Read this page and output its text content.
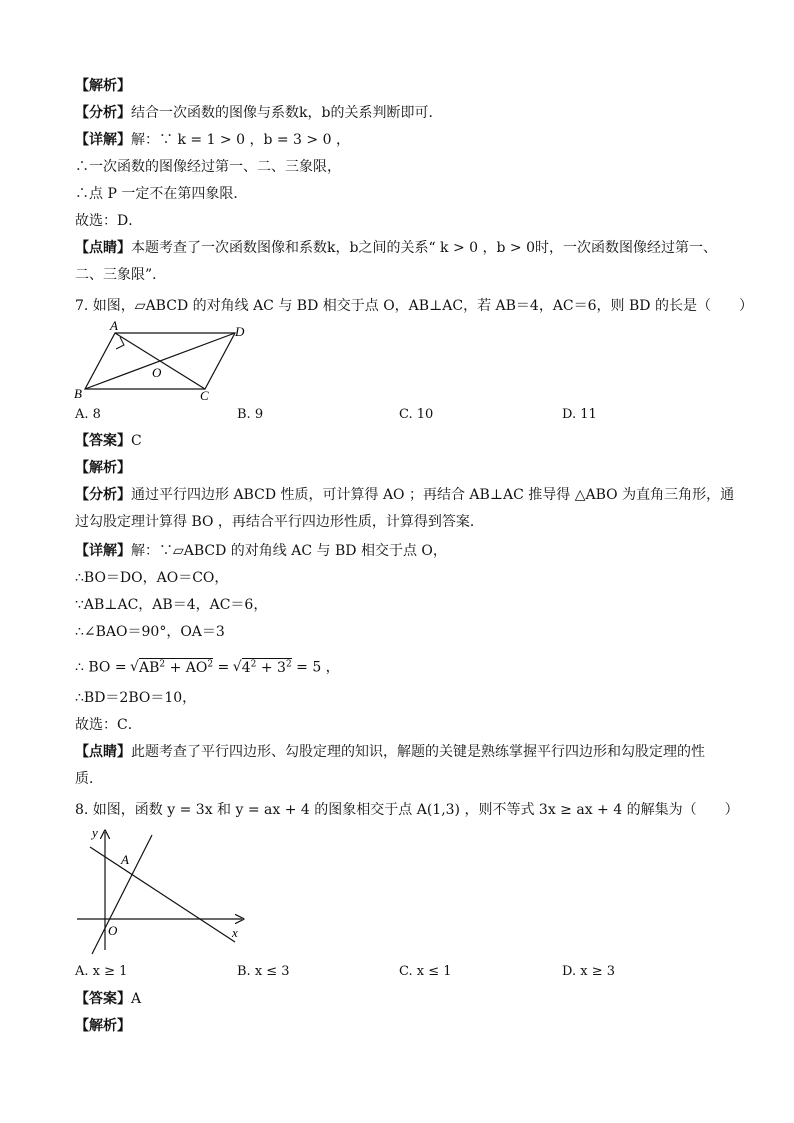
【解析】
【分析】结合一次函数的图像与系数k，b的关系判断即可．
【详解】解：∵ k = 1 > 0 ，b = 3 > 0 ，
∴一次函数的图像经过第一、二、三象限，
∴点 P 一定不在第四象限．
故选：D．
【点睛】本题考查了一次函数图像和系数k，b之间的关系“ k > 0 ，b > 0时，一次函数图像经过第一、
二、三象限”．
7. 如图，▱ABCD 的对角线 AC 与 BD 相交于点 O，AB⊥AC，若 AB＝4，AC＝6，则 BD 的长是（　　）
A	D
B	C
O
A. 8	B. 9	C. 10	D. 11
【答案】C
【解析】
【分析】通过平行四边形 ABCD 性质，可计算得 AO ；再结合 AB⊥AC 推导得 △ABO 为直角三角形，通
过勾股定理计算得 BO ，再结合平行四边形性质，计算得到答案．
【详解】解：∵▱ABCD 的对角线 AC 与 BD 相交于点 O，
∴BO＝DO，AO＝CO，
∵AB⊥AC，AB＝4，AC＝6，
∴∠BAO＝90°，OA＝3
∴ BO = √ $AB^2 + AO^2$ = √ $4^2 + 3^2 = 5$ ，
∴BD＝2BO＝10，
故选：C．
【点睛】此题考查了平行四边形、勾股定理的知识，解题的关键是熟练掌握平行四边形和勾股定理的性
质．
8. 如图，函数 y = 3x 和 y = ax + 4 的图象相交于点 A(1,3) ，则不等式 3x ≥ ax + 4 的解集为（　　）
y
x
O
A
A. x ≥ 1	B. x ≤ 3	C. x ≤ 1	D. x ≥ 3
【答案】A
【解析】
